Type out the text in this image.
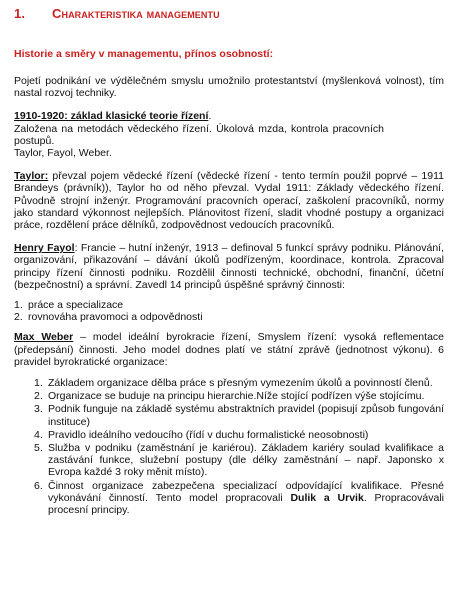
1. Charakteristika managementu
Historie a směry v managementu, přínos osobností:

Pojetí podnikání ve výdělečném smyslu umožnilo protestantství (myšlenková volnost), tím nastal rozvoj techniky.

1910-1920: základ klasické teorie řízení.

Založena na metodách vědeckého řízení. Úkolová mzda, kontrola pracovních postupů.

Taylor, Fayol, Weber.

Taylor: převzal pojem vědecké řízení (vědecké řízení - tento termín použil poprvé – 1911 Brandeys (právník)), Taylor ho od něho převzal. Vydal 1911: Základy vědeckého řízení. Původně strojní inženýr. Programování pracovních operací, zaškolení pracovníků, normy jako standard výkonnost nejlepších. Plánovitost řízení, sladit vhodné postupy a organizaci práce, rozdělení práce dělníků, zodpovědnost vedoucích pracovníků.

Henry Fayol: Francie – hutní inženýr, 1913 – definoval 5 funkcí správy podniku. Plánování, organizování, přikazování – dávání úkolů podřízeným, koordinace, kontrola. Zpracoval principy řízení činnosti podniku. Rozdělil činnosti technické, obchodní, finanční, účetní (bezpečnostní) a správní. Zavedl 14 principů úspěšné správný činnosti:

1. práce a specializace
2. rovnováha pravomoci a odpovědnosti

Max Weber – model ideální byrokracie řízení, Smyslem řízení: vysoká reflementace (předepsání) činnosti. Jeho model dodnes platí ve státní zprávě (jednotnost výkonu). 6 pravidel byrokratické organizace:

1. Základem organizace dělba práce s přesným vymezením úkolů a povinností členů.
2. Organizace se buduje na principu hierarchie.Níže stojící podřízen výše stojícímu.
3. Podnik funguje na základě systému abstraktních pravidel (popisují způsob fungování instituce)
4. Pravidlo ideálního vedoucího (řídí v duchu formalistické neosobnosti)
5. Služba v podniku (zaměstnání je kariérou). Základem kariéry soulad kvalifikace a zastávání funkce, služební postupy (dle délky zaměstnání – např. Japonsko x Evropa každé 3 roky měnit místo).
6. Činnost organizace zabezpečena specializací odpovídající kvalifikace. Přesné vykonávání činností. Tento model propracovali Dulik a Urvik. Propracovávali procesní principy.
